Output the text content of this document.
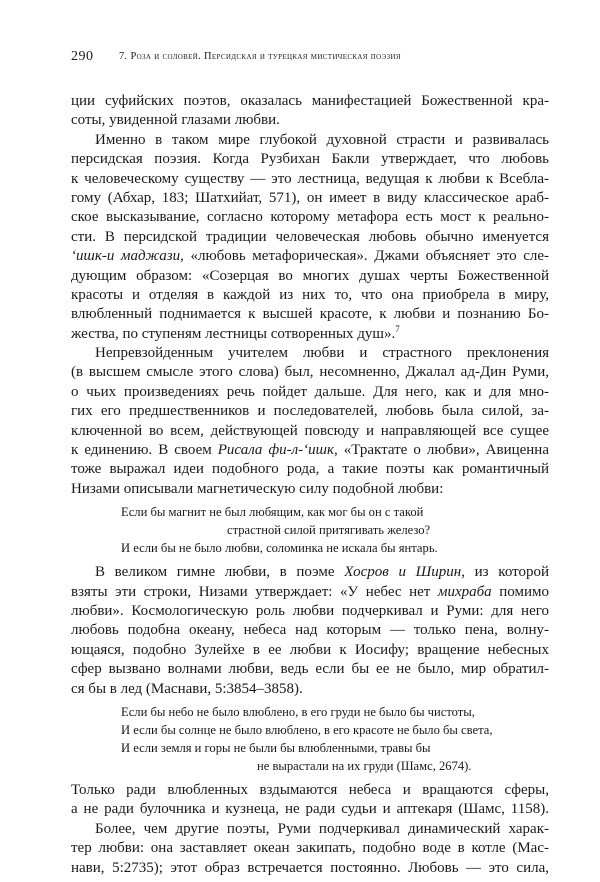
290 7. Роза и соловей. Персидская и турецкая мистическая поэзия
ции суфийских поэтов, оказалась манифестацией Божественной кра-
соты, увиденной глазами любви.
Именно в таком мире глубокой духовной страсти и развивалась
персидская поэзия. Когда Рузбихан Бакли утверждает, что любовь
к человеческому существу — это лестница, ведущая к любви к Всебла-
гому (Абхар, 183; Шатхийат, 571), он имеет в виду классическое араб-
ское высказывание, согласно которому метафора есть мост к реально-
сти. В персидской традиции человеческая любовь обычно именуется
‘ишк-и маджази, «любовь метафорическая». Джами объясняет это сле-
дующим образом: «Созерцая во многих душах черты Божественной
красоты и отделяя в каждой из них то, что она приобрела в миру,
влюбленный поднимается к высшей красоте, к любви и познанию Бо-
жества, по ступеням лестницы сотворенных душ».$^7$
Непревзойденным учителем любви и страстного преклонения
(в высшем смысле этого слова) был, несомненно, Джалал ад-Дин Руми,
о чьих произведениях речь пойдет дальше. Для него, как и для мно-
гих его предшественников и последователей, любовь была силой, за-
ключенной во всем, действующей повсюду и направляющей все сущее
к единению. В своем Рисала фи-л-‘ишк, «Трактате о любви», Авиценна
тоже выражал идеи подобного рода, а такие поэты как романтичный
Низами описывали магнетическую силу подобной любви:
Если бы магнит не был любящим, как мог бы он с такой
страстной силой притягивать железо?
И если бы не было любви, соломинка не искала бы янтарь.
В великом гимне любви, в поэме Хосров и Ширин, из которой
взяты эти строки, Низами утверждает: «У небес нет михраба помимо
любви». Космологическую роль любви подчеркивал и Руми: для него
любовь подобна океану, небеса над которым — только пена, волну-
ющаяся, подобно Зулейхе в ее любви к Иосифу; вращение небесных
сфер вызвано волнами любви, ведь если бы ее не было, мир обратил-
ся бы в лед (Маснави, 5:3854–3858).
Если бы небо не было влюблено, в его груди не было бы чистоты,
И если бы солнце не было влюблено, в его красоте не было бы света,
И если земля и горы не были бы влюбленными, травы бы
не вырастали на их груди (Шамс, 2674).
Только ради влюбленных вздымаются небеса и вращаются сферы,
а не ради булочника и кузнеца, не ради судьи и аптекаря (Шамс, 1158).
Более, чем другие поэты, Руми подчеркивал динамический харак-
тер любви: она заставляет океан закипать, подобно воде в котле (Мас-
нави, 5:2735); этот образ встречается постоянно. Любовь — это сила,
